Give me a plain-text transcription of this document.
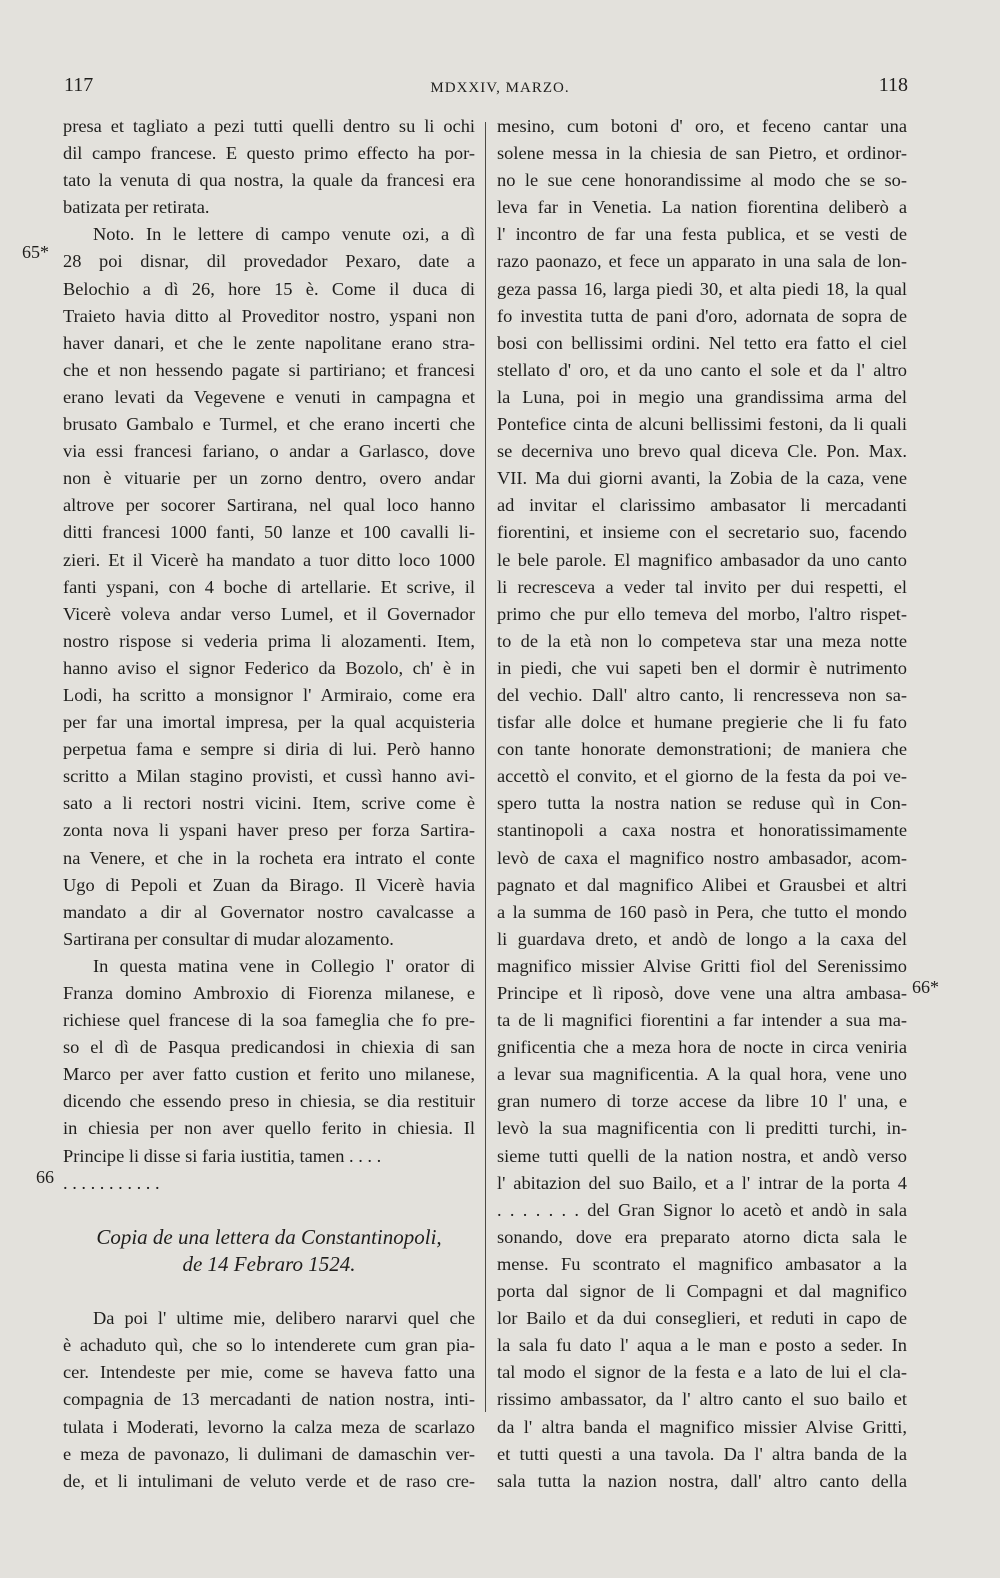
117	MDXXIV, MARZO.	118
65*
66
66*
presa et tagliato a pezi tutti quelli dentro su li ochi
dil campo francese. E questo primo effecto ha por-
tato la venuta di qua nostra, la quale da francesi era
batizata per retirata.
Noto. In le lettere di campo venute ozi, a dì
28 poi disnar, dil provedador Pexaro, date a
Belochio a dì 26, hore 15 è. Come il duca di
Traieto havia ditto al Proveditor nostro, yspani non
haver danari, et che le zente napolitane erano stra-
che et non hessendo pagate si partiriano; et francesi
erano levati da Vegevene e venuti in campagna et
brusato Gambalo e Turmel, et che erano incerti che
via essi francesi fariano, o andar a Garlasco, dove
non è vituarie per un zorno dentro, overo andar
altrove per socorer Sartirana, nel qual loco hanno
ditti francesi 1000 fanti, 50 lanze et 100 cavalli li-
zieri. Et il Vicerè ha mandato a tuor ditto loco 1000
fanti yspani, con 4 boche di artellarie. Et scrive, il
Vicerè voleva andar verso Lumel, et il Governador
nostro rispose si vederia prima li alozamenti. Item,
hanno aviso el signor Federico da Bozolo, ch' è in
Lodi, ha scritto a monsignor l' Armiraio, come era
per far una imortal impresa, per la qual acquisteria
perpetua fama e sempre si diria di lui. Però hanno
scritto a Milan stagino provisti, et cussì hanno avi-
sato a li rectori nostri vicini. Item, scrive come è
zonta nova li yspani haver preso per forza Sartira-
na Venere, et che in la rocheta era intrato el conte
Ugo di Pepoli et Zuan da Birago. Il Vicerè havia
mandato a dir al Governator nostro cavalcasse a
Sartirana per consultar di mudar alozamento.
In questa matina vene in Collegio l' orator di
Franza domino Ambroxio di Fiorenza milanese, e
richiese quel francese di la soa fameglia che fo pre-
so el dì de Pasqua predicandosi in chiexia di san
Marco per aver fatto custion et ferito uno milanese,
dicendo che essendo preso in chiesia, se dia restituir
in chiesia per non aver quello ferito in chiesia. Il
Principe li disse si faria iustitia, tamen . . . .
. . . . . . . . . . .

Copia de una lettera da Constantinopoli,
de 14 Febraro 1524.

Da poi l' ultime mie, delibero nararvi quel che
è achaduto quì, che so lo intenderete cum gran pia-
cer. Intendeste per mie, come se haveva fatto una
compagnia de 13 mercadanti de nation nostra, inti-
tulata i Moderati, levorno la calza meza de scarlazo
e meza de pavonazo, li dulimani de damaschin ver-
de, et li intulimani de veluto verde et de raso cre-
mesino, cum botoni d' oro, et feceno cantar una
solene messa in la chiesia de san Pietro, et ordinor-
no le sue cene honorandissime al modo che se so-
leva far in Venetia. La nation fiorentina deliberò a
l' incontro de far una festa publica, et se vesti de
razo paonazo, et fece un apparato in una sala de lon-
geza passa 16, larga piedi 30, et alta piedi 18, la qual
fo investita tutta de pani d'oro, adornata de sopra de
bosi con bellissimi ordini. Nel tetto era fatto el ciel
stellato d' oro, et da uno canto el sole et da l' altro
la Luna, poi in megio una grandissima arma del
Pontefice cinta de alcuni bellissimi festoni, da li quali
se decerniva uno brevo qual diceva Cle. Pon. Max.
VII. Ma dui giorni avanti, la Zobia de la caza, vene
ad invitar el clarissimo ambasator li mercadanti
fiorentini, et insieme con el secretario suo, facendo
le bele parole. El magnifico ambasador da uno canto
li recresceva a veder tal invito per dui respetti, el
primo che pur ello temeva del morbo, l'altro rispet-
to de la età non lo competeva star una meza notte
in piedi, che vui sapeti ben el dormir è nutrimento
del vechio. Dall' altro canto, li rencresseva non sa-
tisfar alle dolce et humane pregierie che li fu fato
con tante honorate demonstrationi; de maniera che
accettò el convito, et el giorno de la festa da poi ve-
spero tutta la nostra nation se reduse quì in Con-
stantinopoli a caxa nostra et honoratissimamente
levò de caxa el magnifico nostro ambasador, acom-
pagnato et dal magnifico Alibei et Grausbei et altri
a la summa de 160 pasò in Pera, che tutto el mondo
li guardava dreto, et andò de longo a la caxa del
magnifico missier Alvise Gritti fiol del Serenissimo
Principe et lì riposò, dove vene una altra ambasa-
ta de li magnifici fiorentini a far intender a sua ma-
gnificentia che a meza hora de nocte in circa veniria
a levar sua magnificentia. A la qual hora, vene uno
gran numero di torze accese da libre 10 l' una, e
levò la sua magnificentia con li preditti turchi, in-
sieme tutti quelli de la nation nostra, et andò verso
l' abitazion del suo Bailo, et a l' intrar de la porta 4
. . . . . . . del Gran Signor lo acetò et andò in sala
sonando, dove era preparato atorno dicta sala le
mense. Fu scontrato el magnifico ambasator a la
porta dal signor de li Compagni et dal magnifico
lor Bailo et da dui conseglieri, et reduti in capo de
la sala fu dato l' aqua a le man e posto a seder. In
tal modo el signor de la festa e a lato de lui el cla-
rissimo ambassator, da l' altro canto el suo bailo et
da l' altra banda el magnifico missier Alvise Gritti,
et tutti questi a una tavola. Da l' altra banda de la
sala tutta la nazion nostra, dall' altro canto della
